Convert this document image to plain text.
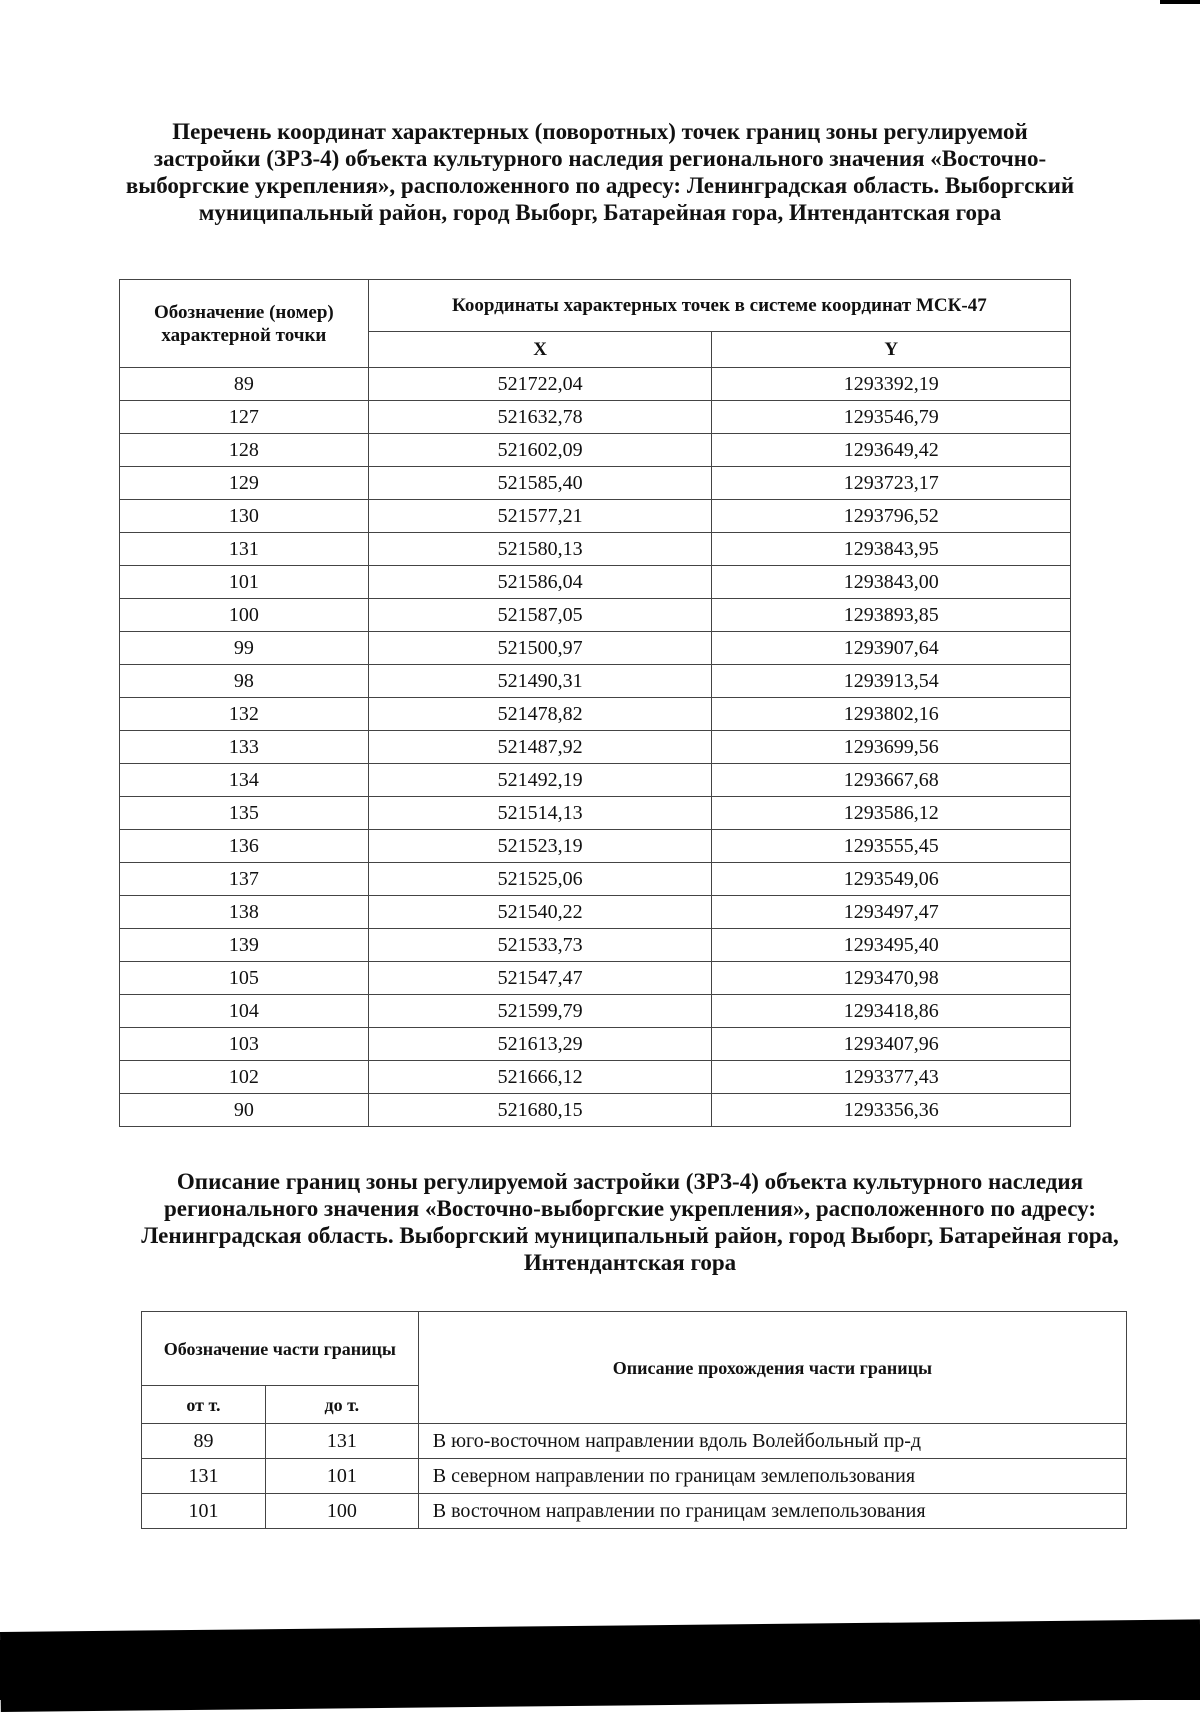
Перечень координат характерных (поворотных) точек границ зоны регулируемой застройки (ЗРЗ-4) объекта культурного наследия регионального значения «Восточно-выборгские укрепления», расположенного по адресу: Ленинградская область. Выборгский муниципальный район, город Выборг, Батарейная гора, Интендантская гора
Обозначение (номер) характерной точки	Координаты характерных точек в системе координат МСК-47	
	X	Y
89	521722,04	1293392,19
127	521632,78	1293546,79
128	521602,09	1293649,42
129	521585,40	1293723,17
130	521577,21	1293796,52
131	521580,13	1293843,95
101	521586,04	1293843,00
100	521587,05	1293893,85
99	521500,97	1293907,64
98	521490,31	1293913,54
132	521478,82	1293802,16
133	521487,92	1293699,56
134	521492,19	1293667,68
135	521514,13	1293586,12
136	521523,19	1293555,45
137	521525,06	1293549,06
138	521540,22	1293497,47
139	521533,73	1293495,40
105	521547,47	1293470,98
104	521599,79	1293418,86
103	521613,29	1293407,96
102	521666,12	1293377,43
90	521680,15	1293356,36
Описание границ зоны регулируемой застройки (ЗРЗ-4) объекта культурного наследия регионального значения «Восточно-выборгские укрепления», расположенного по адресу: Ленинградская область. Выборгский муниципальный район, город Выборг, Батарейная гора, Интендантская гора
Обозначение части границы		Описание прохождения части границы
от т.	до т.	
89	131	В юго-восточном направлении вдоль Волейбольный пр-д
131	101	В северном направлении по границам землепользования
101	100	В восточном направлении по границам землепользования
